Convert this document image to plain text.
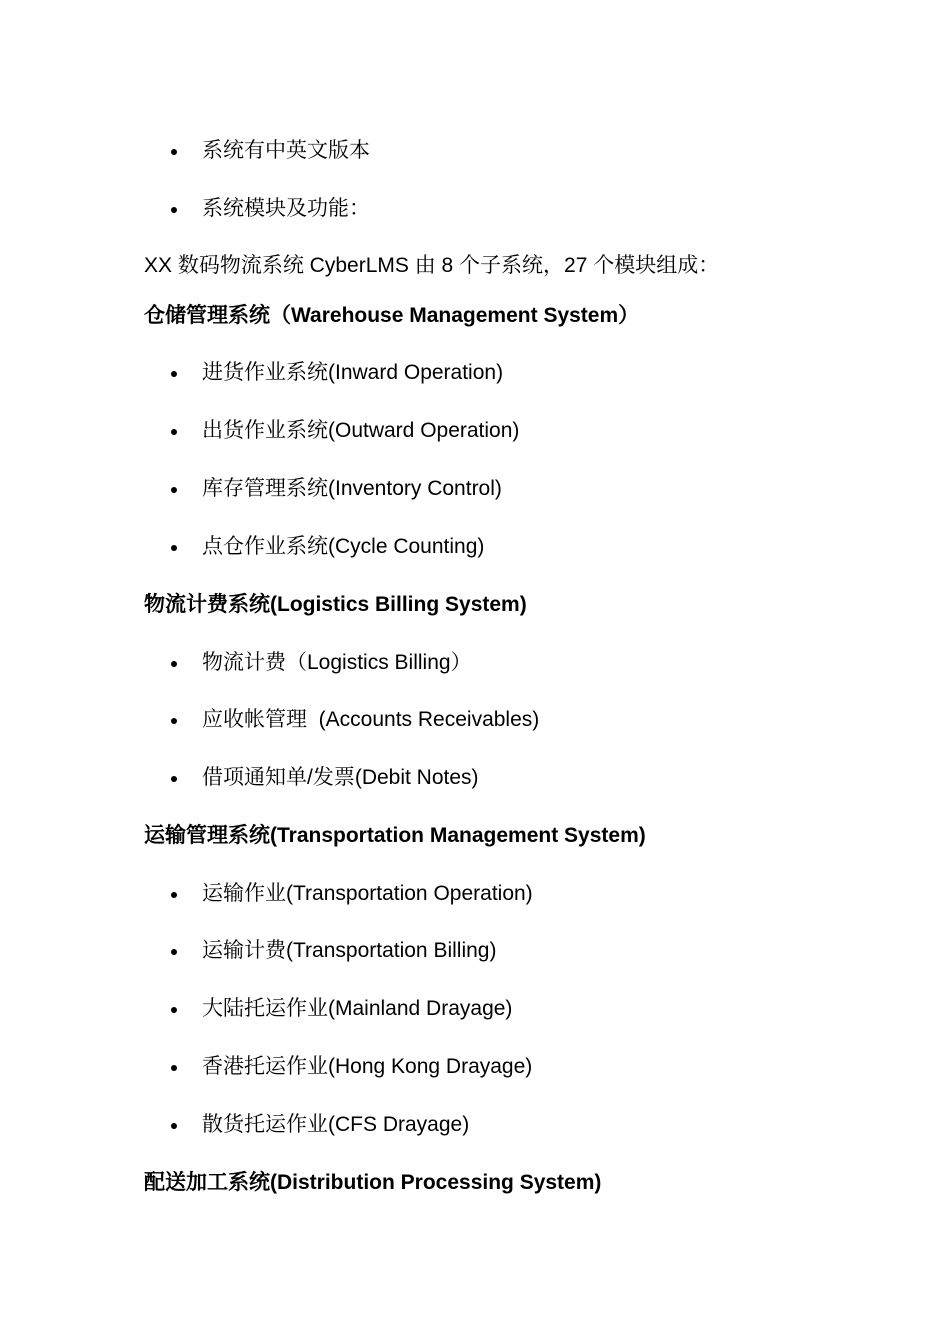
系统有中英文版本
系统模块及功能：
XX 数码物流系统 CyberLMS 由 8 个子系统，27 个模块组成：
仓储管理系统（Warehouse Management System）
进货作业系统(Inward Operation)
出货作业系统(Outward Operation)
库存管理系统(Inventory Control)
点仓作业系统(Cycle Counting)
物流计费系统(Logistics Billing System)
物流计费（Logistics Billing）
应收帐管理  (Accounts Receivables)
借项通知单/发票(Debit Notes)
运输管理系统(Transportation Management System)
运输作业(Transportation Operation)
运输计费(Transportation Billing)
大陆托运作业(Mainland Drayage)
香港托运作业(Hong Kong Drayage)
散货托运作业(CFS Drayage)
配送加工系统(Distribution Processing System)
